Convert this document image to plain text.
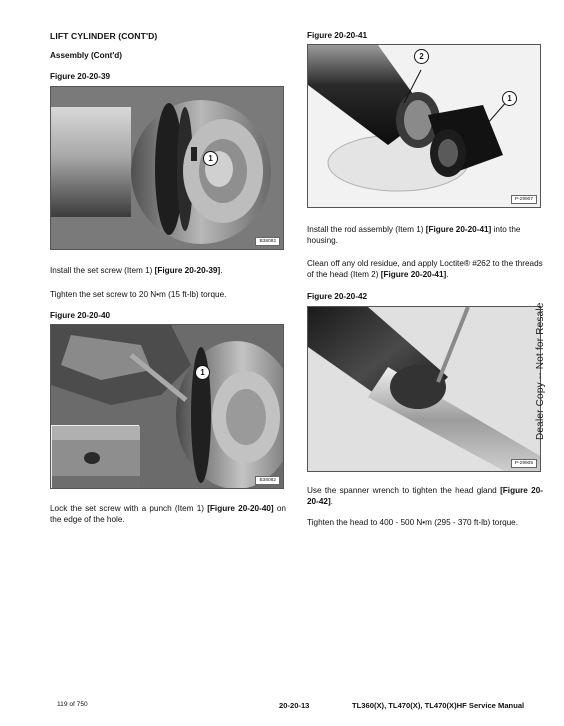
LIFT CYLINDER (CONT'D)
Assembly (Cont'd)
Figure 20-20-39
1
B38082
Install the set screw (Item 1) [Figure 20-20-39].
Tighten the set screw to 20 N•m (15 ft-lb) torque.
Figure 20-20-40
1
B38082
Lock the set screw with a punch (Item 1) [Figure 20-20-40] on the edge of the hole.
Figure 20-20-41
1
2
P-29907
Install the rod assembly (Item 1) [Figure 20-20-41] into the housing.
Clean off any old residue, and apply Loctite® #262 to the threads of the head (Item 2) [Figure 20-20-41].
Figure 20-20-42
P-29905
Use the spanner wrench to tighten the head gland [Figure 20-20-42].
Tighten the head to 400 - 500 N•m (295 - 370 ft-lb) torque.
Dealer Copy -- Not for Resale
119 of 750	20-20-13	TL360(X), TL470(X), TL470(X)HF Service Manual
